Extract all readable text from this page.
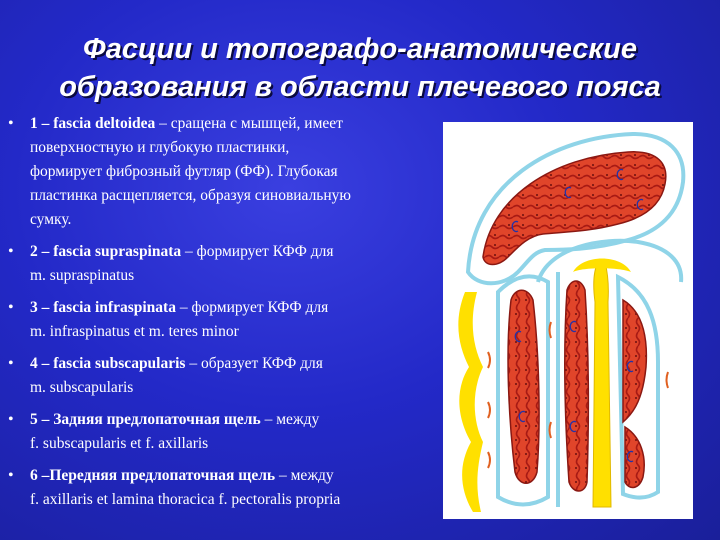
Фасции и топографо-анатомические
образования в области плечевого пояса
• 1 – fascia deltoidea – сращена с мышцей, имеет
поверхностную и глубокую пластинки,
формирует фиброзный футляр (ФФ). Глубокая
пластинка расщепляется, образуя синовиальную
сумку.
• 2 – fascia supraspinata – формирует КФФ для
m. supraspinatus
• 3 – fascia infraspinata – формирует КФФ для
m. infraspinatus et m. teres minor
• 4 – fascia subscapularis – образует КФФ для
m. subscapularis
• 5 – Задняя предлопаточная щель – между
f. subscapularis et f. axillaris
• 6 –Передняя предлопаточная щель – между
f. axillaris et lamina thoracica f. pectoralis propria
